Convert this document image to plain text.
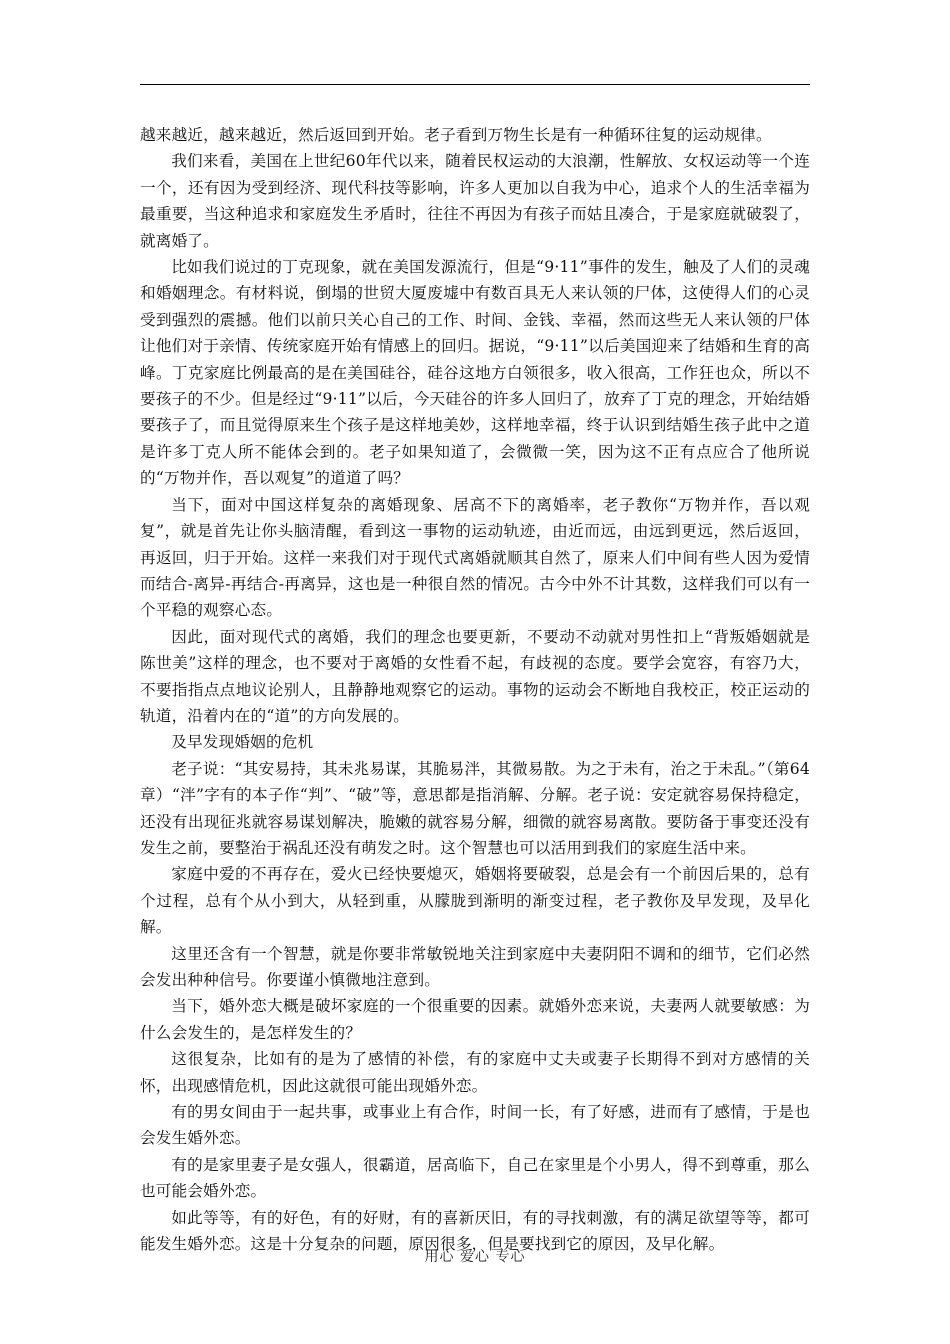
越来越近，越来越近，然后返回到开始。老子看到万物生长是有一种循环往复的运动规律。

我们来看，美国在上世纪60年代以来，随着民权运动的大浪潮，性解放、女权运动等一个连一个，还有因为受到经济、现代科技等影响，许多人更加以自我为中心，追求个人的生活幸福为最重要，当这种追求和家庭发生矛盾时，往往不再因为有孩子而姑且凑合，于是家庭就破裂了，就离婚了。

比如我们说过的丁克现象，就在美国发源流行，但是“9·11”事件的发生，触及了人们的灵魂和婚姻理念。有材料说，倒塌的世贸大厦废墟中有数百具无人来认领的尸体，这使得人们的心灵受到强烈的震撼。他们以前只关心自己的工作、时间、金钱、幸福，然而这些无人来认领的尸体让他们对于亲情、传统家庭开始有情感上的回归。据说，“9·11”以后美国迎来了结婚和生育的高峰。丁克家庭比例最高的是在美国硅谷，硅谷这地方白领很多，收入很高，工作狂也众，所以不要孩子的不少。但是经过“9·11”以后，今天硅谷的许多人回归了，放弃了丁克的理念，开始结婚要孩子了，而且觉得原来生个孩子是这样地美妙，这样地幸福，终于认识到结婚生孩子此中之道是许多丁克人所不能体会到的。老子如果知道了，会微微一笑，因为这不正有点应合了他所说的“万物并作，吾以观复”的道道了吗？

当下，面对中国这样复杂的离婚现象、居高不下的离婚率，老子教你“万物并作，吾以观复”，就是首先让你头脑清醒，看到这一事物的运动轨迹，由近而远，由远到更远，然后返回，再返回，归于开始。这样一来我们对于现代式离婚就顺其自然了，原来人们中间有些人因为爱情而结合-离异-再结合-再离异，这也是一种很自然的情况。古今中外不计其数，这样我们可以有一个平稳的观察心态。

因此，面对现代式的离婚，我们的理念也要更新，不要动不动就对男性扣上“背叛婚姻就是陈世美”这样的理念，也不要对于离婚的女性看不起，有歧视的态度。要学会宽容，有容乃大，不要指指点点地议论别人，且静静地观察它的运动。事物的运动会不断地自我校正，校正运动的轨道，沿着内在的“道”的方向发展的。

及早发现婚姻的危机

老子说：“其安易持，其未兆易谋，其脆易泮，其微易散。为之于未有，治之于未乱。”（第64章）“泮”字有的本子作“判”、“破”等，意思都是指消解、分解。老子说：安定就容易保持稳定，还没有出现征兆就容易谋划解决，脆嫩的就容易分解，细微的就容易离散。要防备于事变还没有发生之前，要整治于祸乱还没有萌发之时。这个智慧也可以活用到我们的家庭生活中来。

家庭中爱的不再存在，爱火已经快要熄灭，婚姻将要破裂，总是会有一个前因后果的，总有个过程，总有个从小到大，从轻到重，从朦胧到渐明的渐变过程，老子教你及早发现，及早化解。

这里还含有一个智慧，就是你要非常敏锐地关注到家庭中夫妻阴阳不调和的细节，它们必然会发出种种信号。你要谨小慎微地注意到。

当下，婚外恋大概是破坏家庭的一个很重要的因素。就婚外恋来说，夫妻两人就要敏感：为什么会发生的，是怎样发生的？

这很复杂，比如有的是为了感情的补偿，有的家庭中丈夫或妻子长期得不到对方感情的关怀，出现感情危机，因此这就很可能出现婚外恋。

有的男女间由于一起共事，或事业上有合作，时间一长，有了好感，进而有了感情，于是也会发生婚外恋。

有的是家里妻子是女强人，很霸道，居高临下，自己在家里是个小男人，得不到尊重，那么也可能会婚外恋。

如此等等，有的好色，有的好财，有的喜新厌旧，有的寻找刺激，有的满足欲望等等，都可能发生婚外恋。这是十分复杂的问题，原因很多，但是要找到它的原因，及早化解。

用心 爱心 专心
